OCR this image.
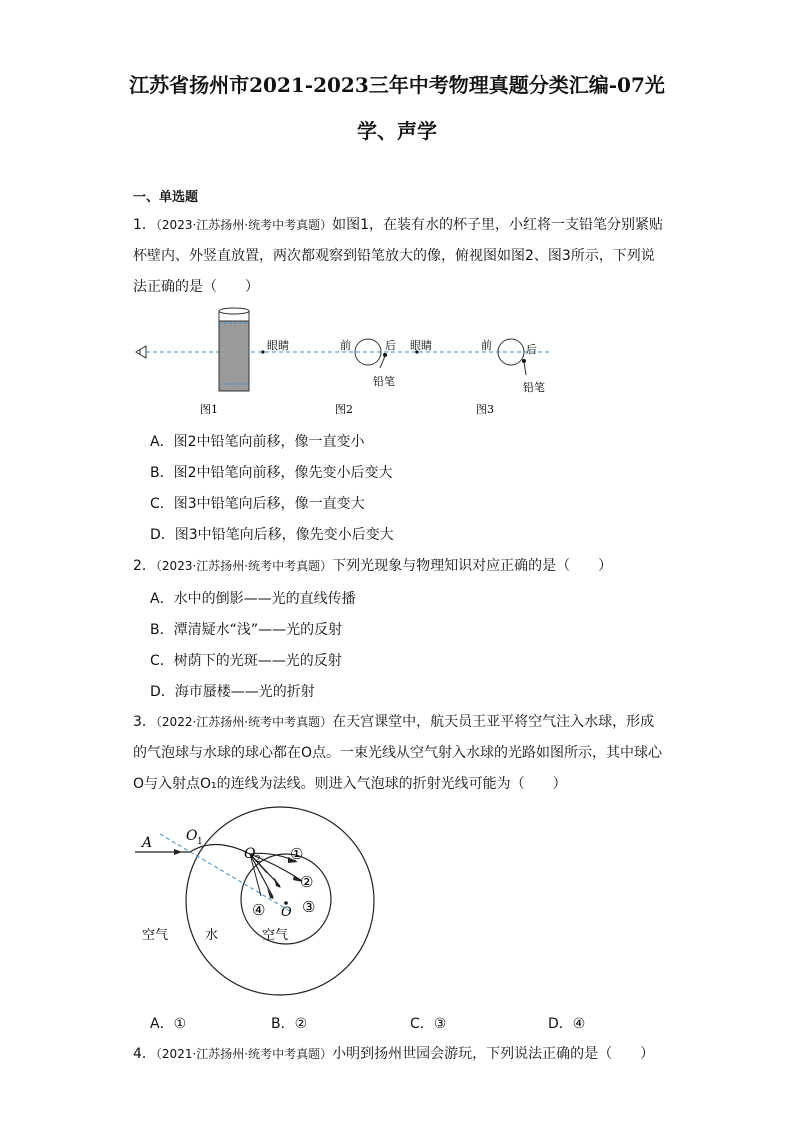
江苏省扬州市2021-2023三年中考物理真题分类汇编-07光学、声学
一、单选题
1．（2023·江苏扬州·统考中考真题）如图1，在装有水的杯子里，小红将一支铅笔分别紧贴杯壁内、外竖直放置，两次都观察到铅笔放大的像，俯视图如图2、图3所示，下列说法正确的是（　　）
眼睛	前	后
铅笔
眼睛	前	后
铅笔
图1	图2	图3
A．图2中铅笔向前移，像一直变小
B．图2中铅笔向前移，像先变小后变大
C．图3中铅笔向后移，像一直变大
D．图3中铅笔向后移，像先变小后变大
2．（2023·江苏扬州·统考中考真题）下列光现象与物理知识对应正确的是（　　）
A．水中的倒影——光的直线传播
B．潭清疑水“浅”——光的反射
C．树荫下的光斑——光的反射
D．海市蜃楼——光的折射
3．（2022·江苏扬州·统考中考真题）在天宫课堂中，航天员王亚平将空气注入水球，形成的气泡球与水球的球心都在O点。一束光线从空气射入水球的光路如图所示，其中球心O与入射点O₁的连线为法线。则进入气泡球的折射光线可能为（　　）
A O 1
O 2
O
①
②
③
④
空气	水	空气
A．①	B．②	C．③	D．④
4．（2021·江苏扬州·统考中考真题）小明到扬州世园会游玩，下列说法正确的是（　　）
